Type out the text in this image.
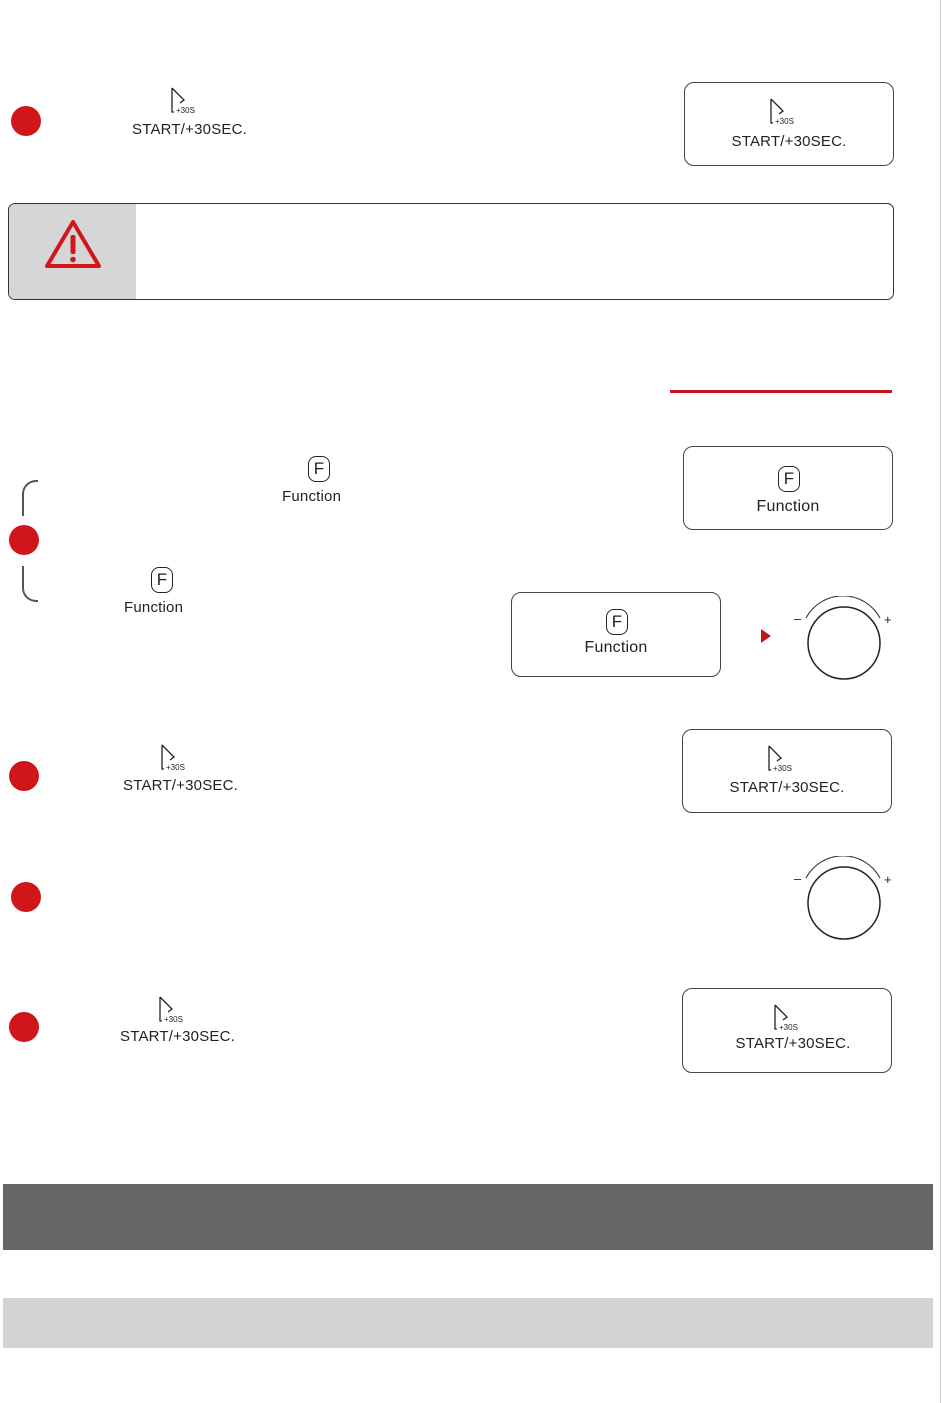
+30S
START/+30SEC.	+30S
START/+30SEC.
F
Function
F
Function
F
Function
F
Function
–	+
+30S
START/+30SEC.
+30S
START/+30SEC.
–	+
+30S
START/+30SEC.
+30S
START/+30SEC.
